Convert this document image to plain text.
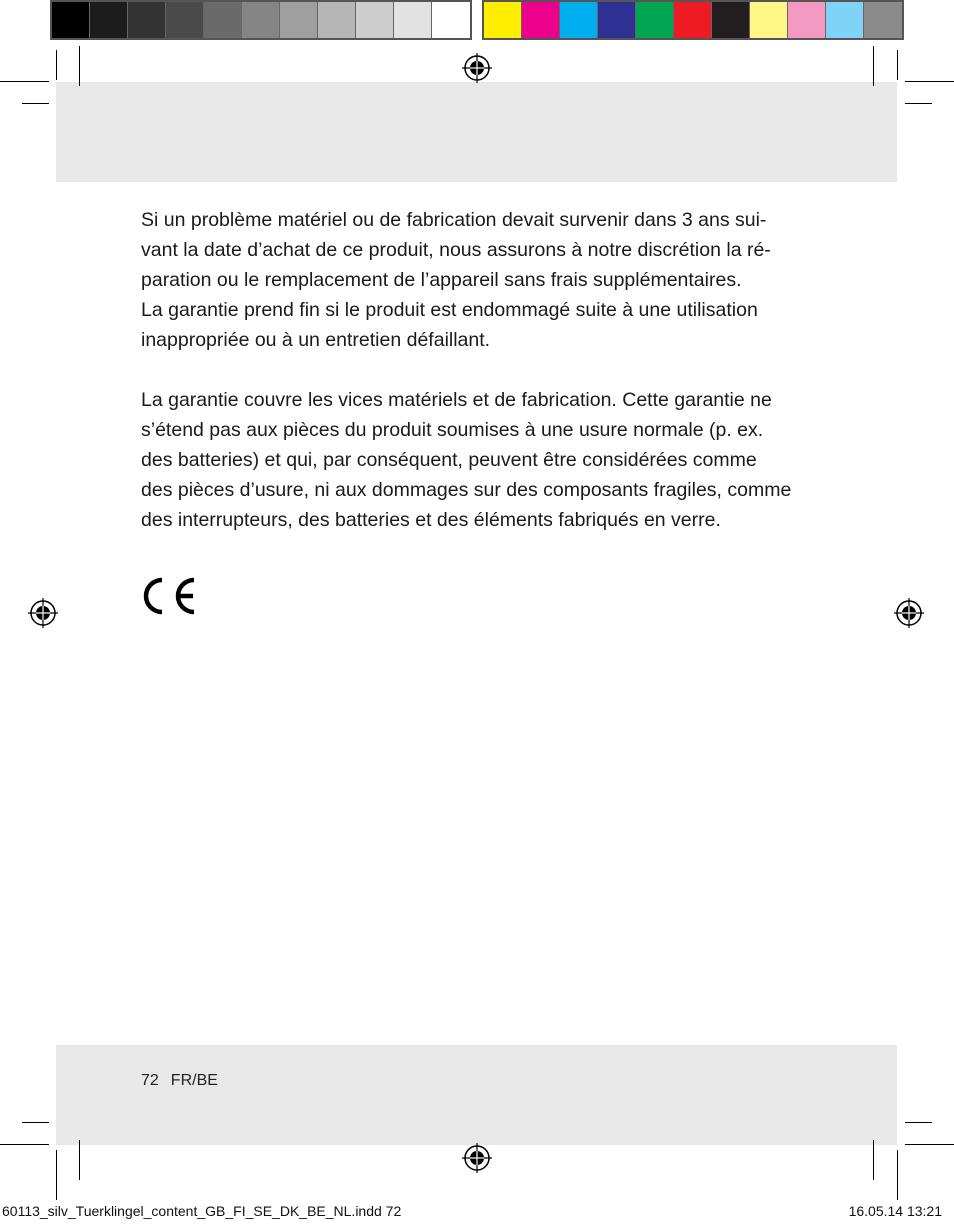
Si un problème matériel ou de fabrication devait survenir dans 3 ans sui-
vant la date d’achat de ce produit, nous assurons à notre discrétion la ré-
paration ou le remplacement de l’appareil sans frais supplémentaires.
La garantie prend fin si le produit est endommagé suite à une utilisation
inappropriée ou à un entretien défaillant.
La garantie couvre les vices matériels et de fabrication. Cette garantie ne
s’étend pas aux pièces du produit soumises à une usure normale (p. ex.
des batteries) et qui, par conséquent, peuvent être considérées comme
des pièces d’usure, ni aux dommages sur des composants fragiles, comme
des interrupteurs, des batteries et des éléments fabriqués en verre.
72 FR/BE
60113_silv_Tuerklingel_content_GB_FI_SE_DK_BE_NL.indd 72	16.05.14 13:21
